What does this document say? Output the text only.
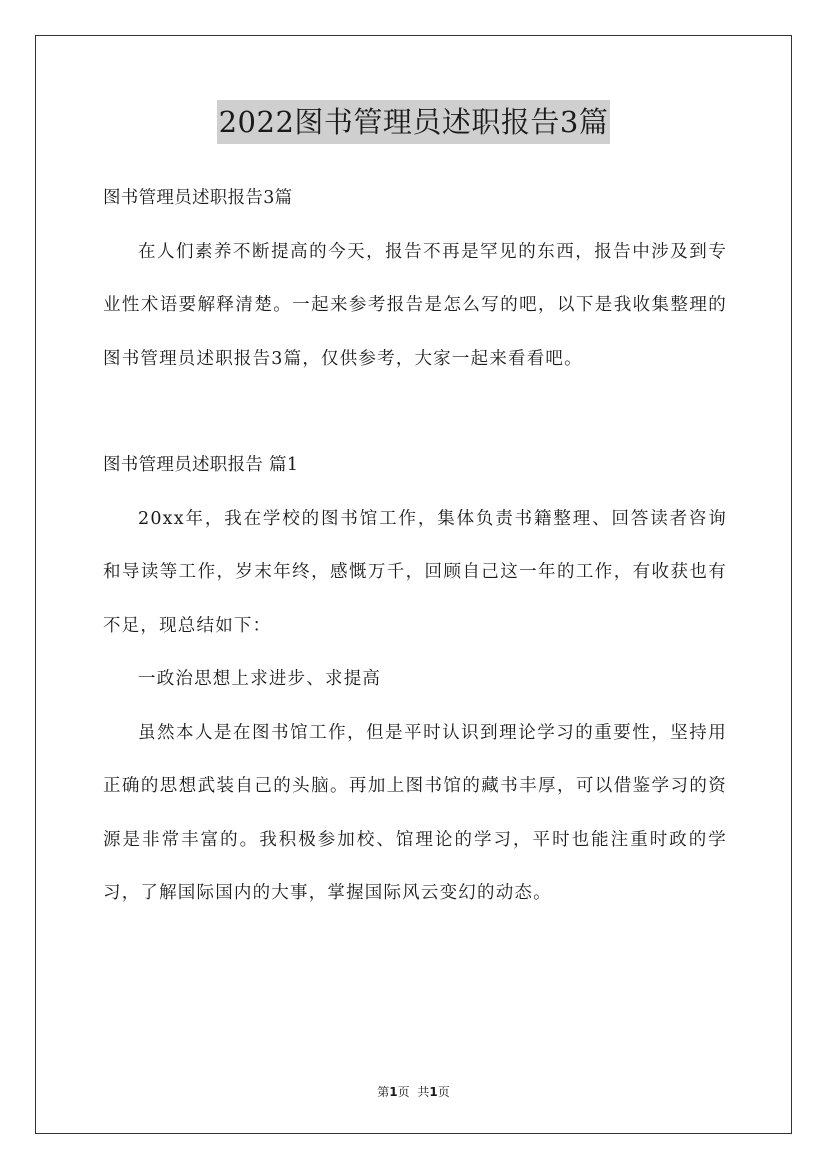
2022图书管理员述职报告3篇

图书管理员述职报告3篇

在人们素养不断提高的今天，报告不再是罕见的东西，报告中涉及到专业性术语要解释清楚。一起来参考报告是怎么写的吧，以下是我收集整理的图书管理员述职报告3篇，仅供参考，大家一起来看看吧。

图书管理员述职报告 篇1

20xx年，我在学校的图书馆工作，集体负责书籍整理、回答读者咨询和导读等工作，岁末年终，感慨万千，回顾自己这一年的工作，有收获也有不足，现总结如下：

一政治思想上求进步、求提高

虽然本人是在图书馆工作，但是平时认识到理论学习的重要性，坚持用正确的思想武装自己的头脑。再加上图书馆的藏书丰厚，可以借鉴学习的资源是非常丰富的。我积极参加校、馆理论的学习，平时也能注重时政的学习，了解国际国内的大事，掌握国际风云变幻的动态。

第1页 共1页
